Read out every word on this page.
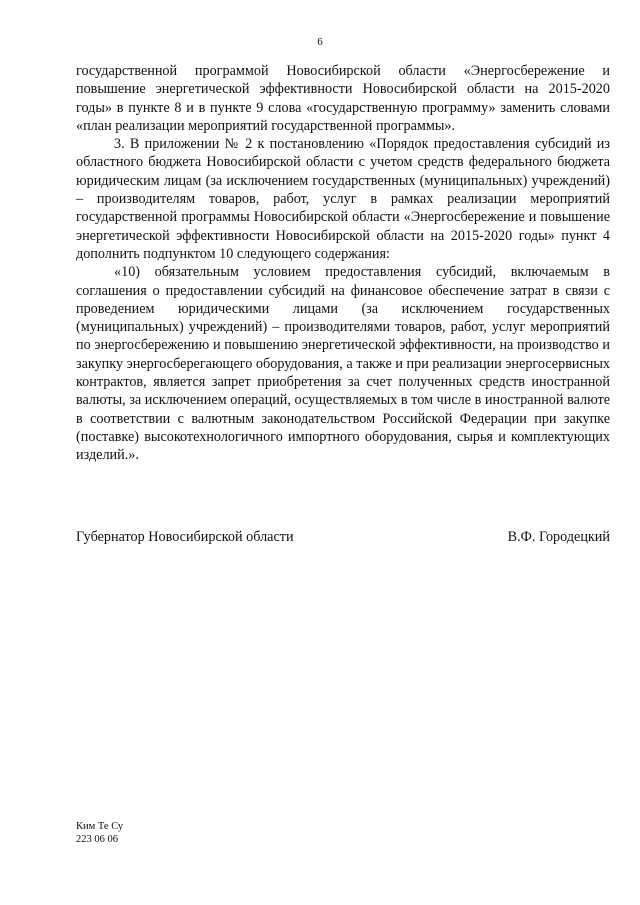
6

государственной программой Новосибирской области «Энергосбережение и повышение энергетической эффективности Новосибирской области на 2015-2020 годы» в пункте 8 и в пункте 9 слова «государственную программу» заменить словами «план реализации мероприятий государственной программы».

3. В приложении № 2 к постановлению «Порядок предоставления субсидий из областного бюджета Новосибирской области с учетом средств федерального бюджета юридическим лицам (за исключением государственных (муниципальных) учреждений) – производителям товаров, работ, услуг в рамках реализации мероприятий государственной программы Новосибирской области «Энергосбережение и повышение энергетической эффективности Новосибирской области на 2015-2020 годы» пункт 4 дополнить подпунктом 10 следующего содержания:

«10) обязательным условием предоставления субсидий, включаемым в соглашения о предоставлении субсидий на финансовое обеспечение затрат в связи с проведением юридическими лицами (за исключением государственных (муниципальных) учреждений) – производителями товаров, работ, услуг мероприятий по энергосбережению и повышению энергетической эффективности, на производство и закупку энергосберегающего оборудования, а также и при реализации энергосервисных контрактов, является запрет приобретения за счет полученных средств иностранной валюты, за исключением операций, осуществляемых в том числе в иностранной валюте в соответствии с валютным законодательством Российской Федерации при закупке (поставке) высокотехнологичного импортного оборудования, сырья и комплектующих изделий.».

Губернатор Новосибирской области	В.Ф. Городецкий
Ким Те Су
223 06 06
